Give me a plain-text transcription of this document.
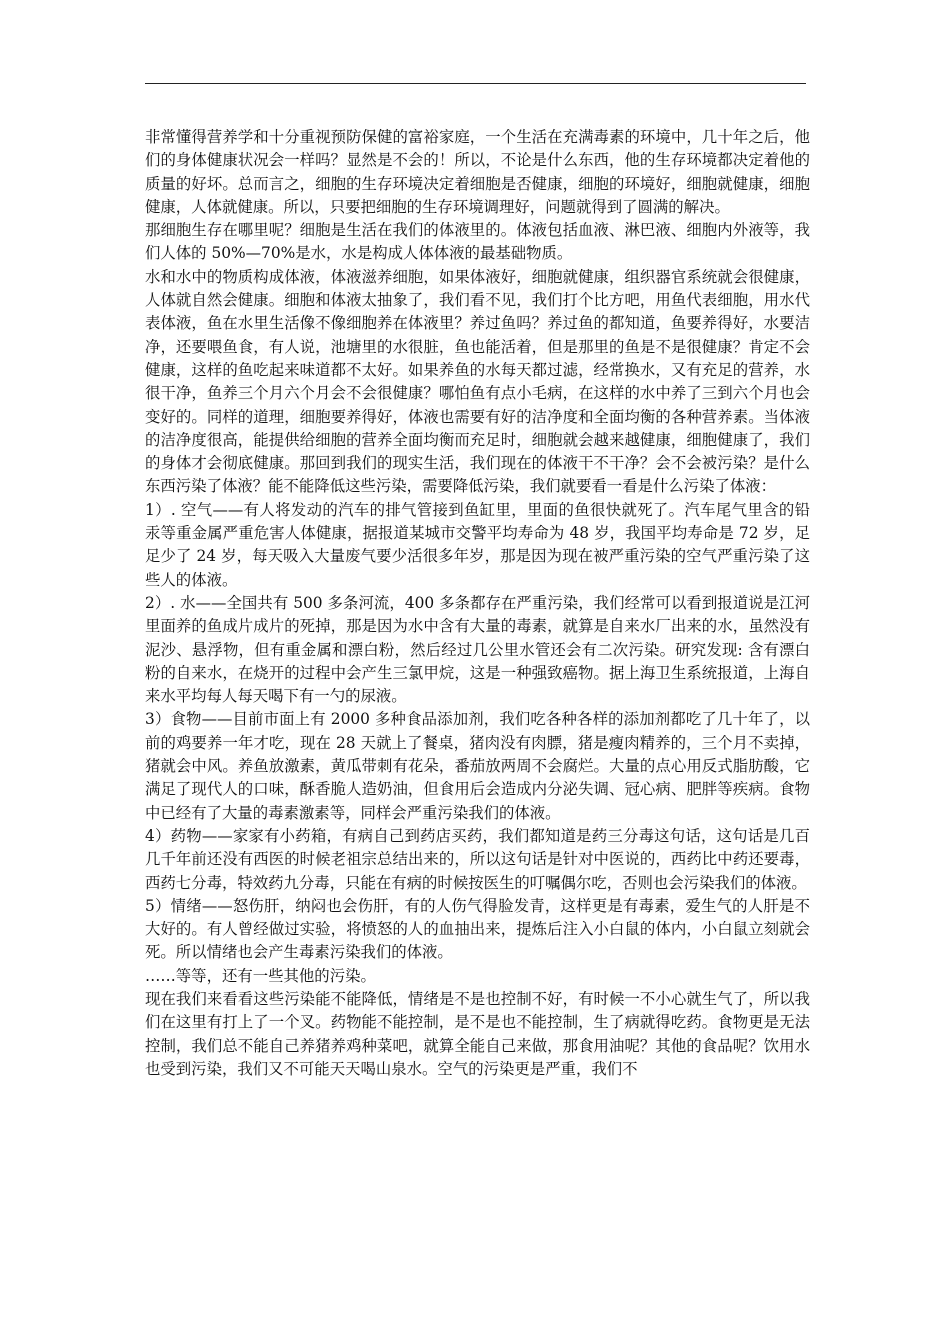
非常懂得营养学和十分重视预防保健的富裕家庭，一个生活在充满毒素的环境中，几十年之后，他们的身体健康状况会一样吗？显然是不会的！所以，不论是什么东西，他的生存环境都决定着他的质量的好坏。总而言之，细胞的生存环境决定着细胞是否健康，细胞的环境好，细胞就健康，细胞健康，人体就健康。所以，只要把细胞的生存环境调理好，问题就得到了圆满的解决。

那细胞生存在哪里呢？细胞是生活在我们的体液里的。体液包括血液、淋巴液、细胞内外液等，我们人体的 50%—70%是水，水是构成人体体液的最基础物质。

水和水中的物质构成体液，体液滋养细胞，如果体液好，细胞就健康，组织器官系统就会很健康，人体就自然会健康。细胞和体液太抽象了，我们看不见，我们打个比方吧，用鱼代表细胞，用水代表体液，鱼在水里生活像不像细胞养在体液里？养过鱼吗？养过鱼的都知道，鱼要养得好，水要洁净，还要喂鱼食，有人说，池塘里的水很脏，鱼也能活着，但是那里的鱼是不是很健康？肯定不会健康，这样的鱼吃起来味道都不太好。如果养鱼的水每天都过滤，经常换水，又有充足的营养，水很干净，鱼养三个月六个月会不会很健康？哪怕鱼有点小毛病，在这样的水中养了三到六个月也会变好的。同样的道理，细胞要养得好，体液也需要有好的洁净度和全面均衡的各种营养素。当体液的洁净度很高，能提供给细胞的营养全面均衡而充足时，细胞就会越来越健康，细胞健康了，我们的身体才会彻底健康。那回到我们的现实生活，我们现在的体液干不干净？会不会被污染？是什么东西污染了体液？能不能降低这些污染，需要降低污染，我们就要看一看是什么污染了体液：

1）. 空气——有人将发动的汽车的排气管接到鱼缸里，里面的鱼很快就死了。汽车尾气里含的铅汞等重金属严重危害人体健康，据报道某城市交警平均寿命为 48 岁，我国平均寿命是 72 岁，足足少了 24 岁，每天吸入大量废气要少活很多年岁，那是因为现在被严重污染的空气严重污染了这些人的体液。

2）. 水——全国共有 500 多条河流，400 多条都存在严重污染，我们经常可以看到报道说是江河里面养的鱼成片成片的死掉，那是因为水中含有大量的毒素，就算是自来水厂出来的水，虽然没有泥沙、悬浮物，但有重金属和漂白粉，然后经过几公里水管还会有二次污染。研究发现: 含有漂白粉的自来水，在烧开的过程中会产生三氯甲烷，这是一种强致癌物。据上海卫生系统报道，上海自来水平均每人每天喝下有一勺的尿液。

3）食物——目前市面上有 2000 多种食品添加剂，我们吃各种各样的添加剂都吃了几十年了，以前的鸡要养一年才吃，现在 28 天就上了餐桌，猪肉没有肉膘，猪是瘦肉精养的，三个月不卖掉，猪就会中风。养鱼放激素，黄瓜带刺有花朵，番茄放两周不会腐烂。大量的点心用反式脂肪酸，它满足了现代人的口味，酥香脆人造奶油，但食用后会造成内分泌失调、冠心病、肥胖等疾病。食物中已经有了大量的毒素激素等，同样会严重污染我们的体液。

4）药物——家家有小药箱，有病自己到药店买药，我们都知道是药三分毒这句话，这句话是几百几千年前还没有西医的时候老祖宗总结出来的，所以这句话是针对中医说的，西药比中药还要毒，西药七分毒，特效药九分毒，只能在有病的时候按医生的叮嘱偶尔吃，否则也会污染我们的体液。

5）情绪——怒伤肝，纳闷也会伤肝，有的人伤气得脸发青，这样更是有毒素，爱生气的人肝是不大好的。有人曾经做过实验，将愤怒的人的血抽出来，提炼后注入小白鼠的体内，小白鼠立刻就会死。所以情绪也会产生毒素污染我们的体液。

……等等，还有一些其他的污染。

现在我们来看看这些污染能不能降低，情绪是不是也控制不好，有时候一不小心就生气了，所以我们在这里有打上了一个叉。药物能不能控制，是不是也不能控制，生了病就得吃药。食物更是无法控制，我们总不能自己养猪养鸡种菜吧，就算全能自己来做，那食用油呢？其他的食品呢？饮用水也受到污染，我们又不可能天天喝山泉水。空气的污染更是严重，我们不
